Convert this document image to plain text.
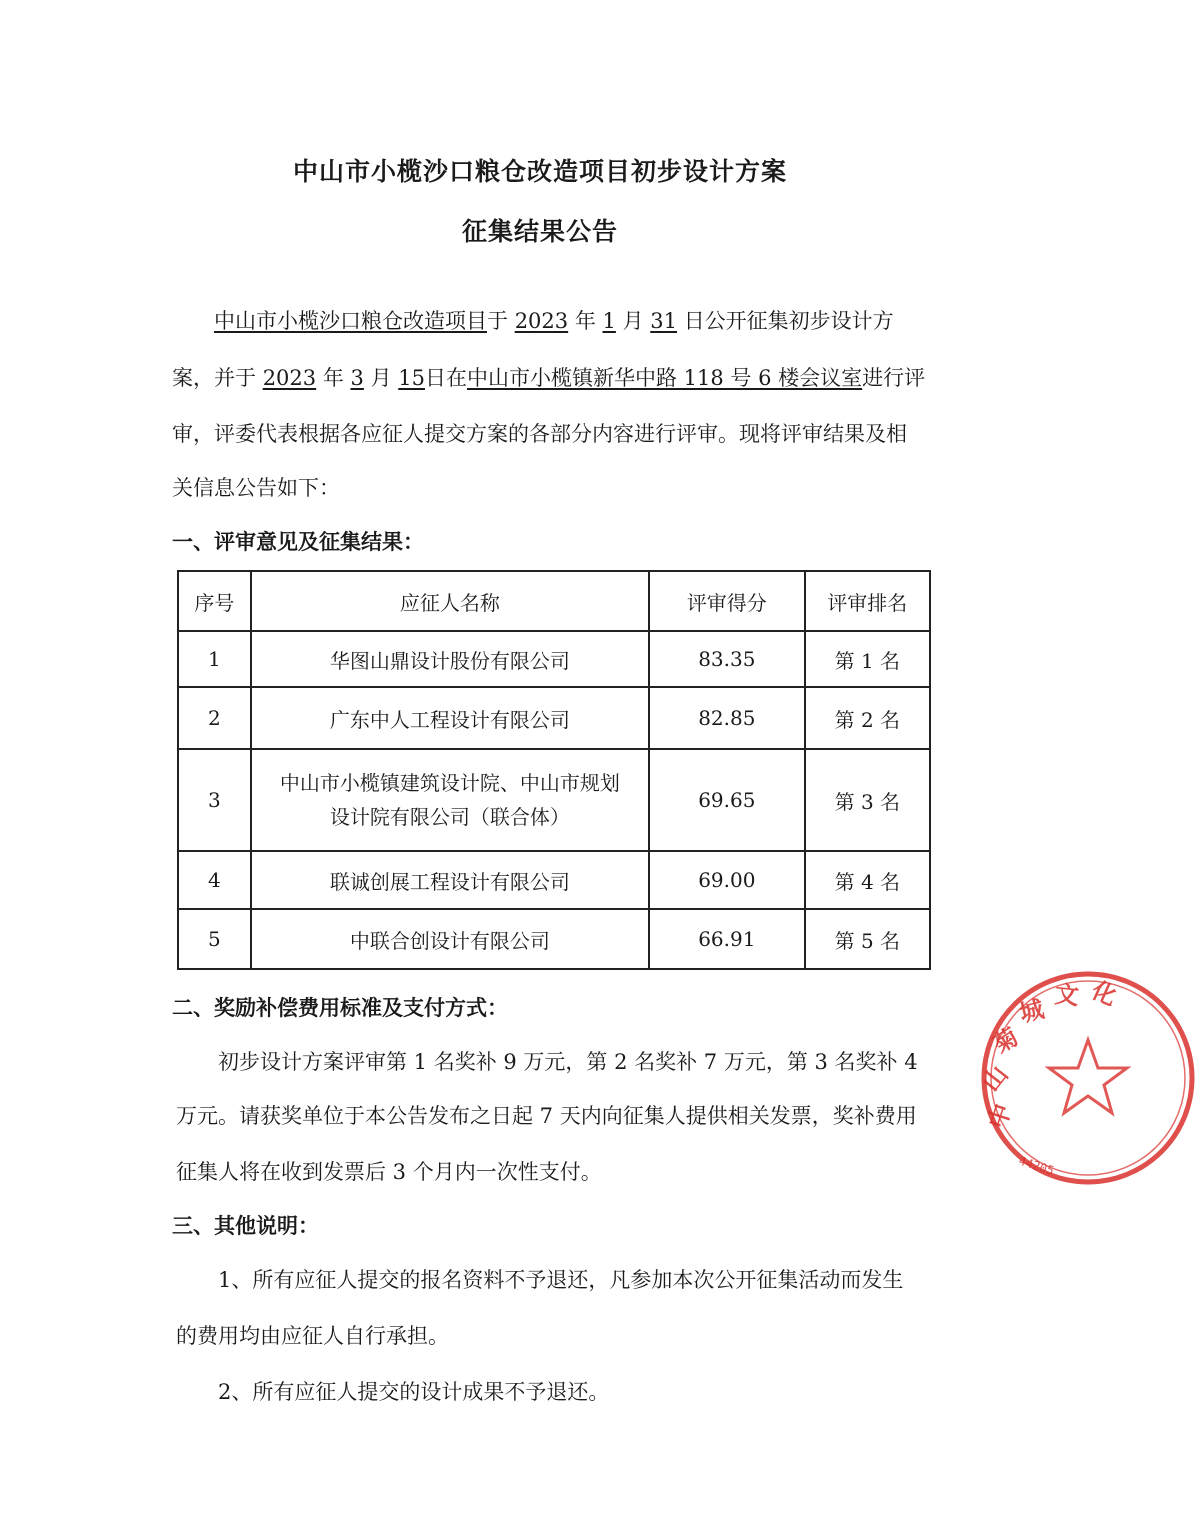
中山市小榄沙口粮仓改造项目初步设计方案
征集结果公告
中山市小榄沙口粮仓改造项目于 2023 年 1 月 31 日公开征集初步设计方
案，并于 2023 年 3 月 15日在中山市小榄镇新华中路 118 号 6 楼会议室进行评
审，评委代表根据各应征人提交方案的各部分内容进行评审。现将评审结果及相
关信息公告如下：
一、评审意见及征集结果：
序号	应征人名称	评审得分	评审排名
1	华图山鼎设计股份有限公司	83.35	第 1 名
2	广东中人工程设计有限公司	82.85	第 2 名
3	中山市小榄镇建筑设计院、中山市规划
设计院有限公司（联合体）	69.65	第 3 名
4	联诚创展工程设计有限公司	69.00	第 4 名
5	中联合创设计有限公司	66.91	第 5 名
二、奖励补偿费用标准及支付方式：
初步设计方案评审第 1 名奖补 9 万元，第 2 名奖补 7 万元，第 3 名奖补 4
万元。请获奖单位于本公告发布之日起 7 天内向征集人提供相关发票，奖补费用
征集人将在收到发票后 3 个月内一次性支付。
三、其他说明：
1、所有应征人提交的报名资料不予退还，凡参加本次公开征集活动而发生
的费用均由应征人自行承担。
2、所有应征人提交的设计成果不予退还。
中
山
菊
城 文 化
44205
